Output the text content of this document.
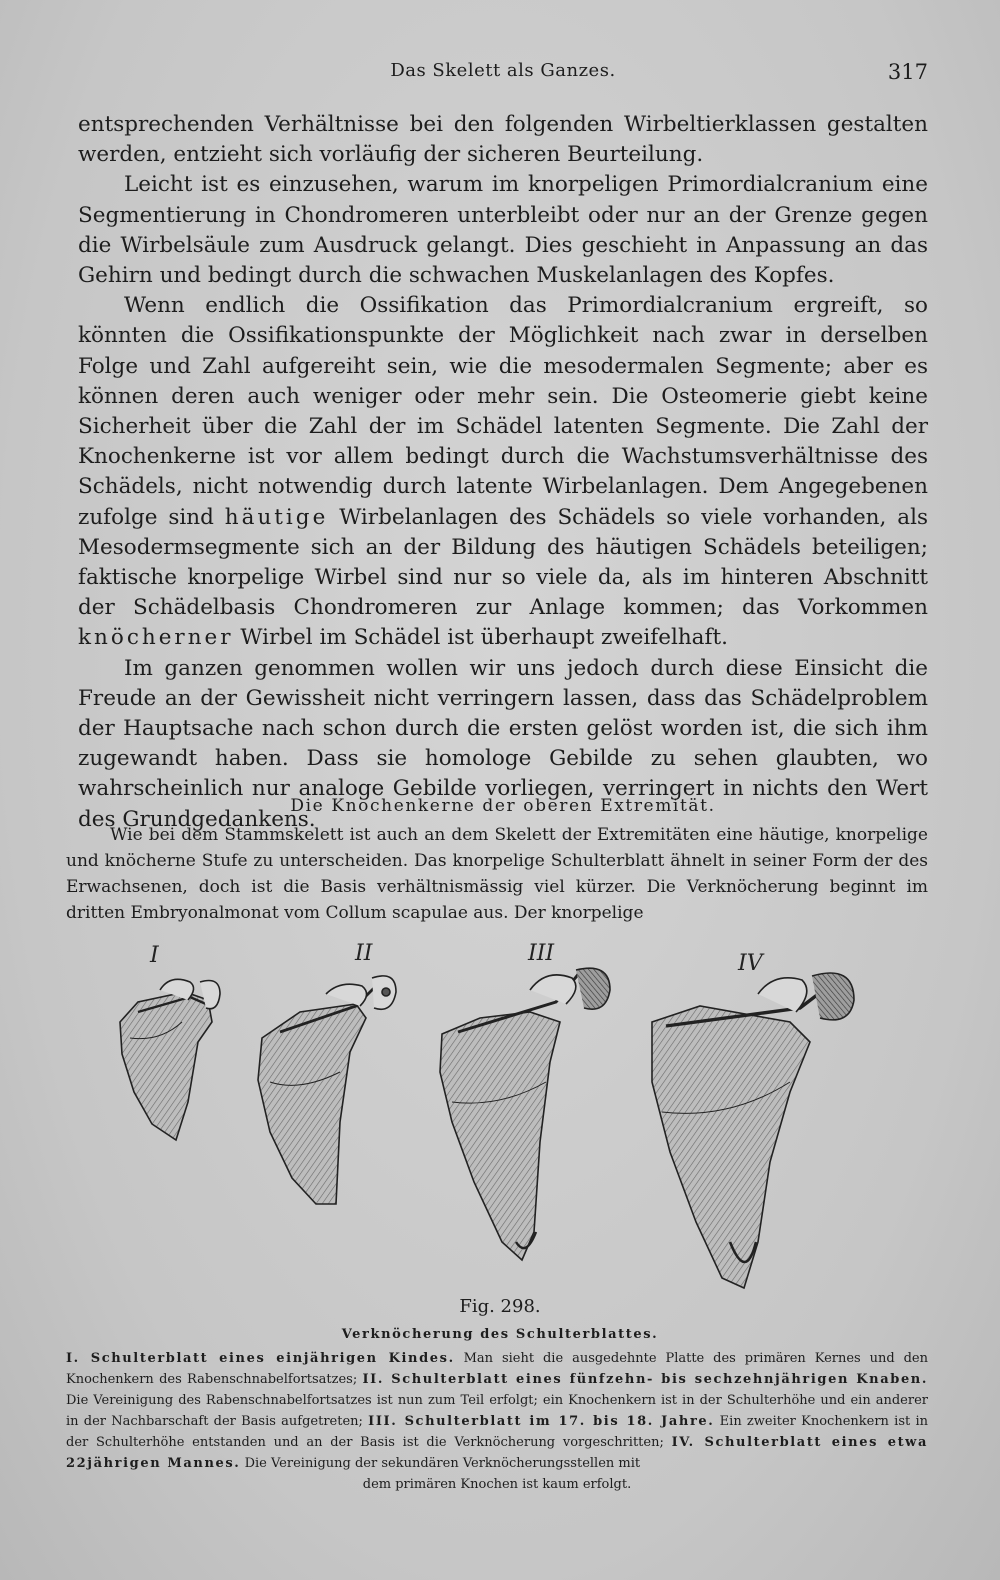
Das Skelett als Ganzes.	317

entsprechenden Verhältnisse bei den folgenden Wirbeltierklassen gestalten werden, entzieht sich vorläufig der sicheren Beurteilung.

Leicht ist es einzusehen, warum im knorpeligen Primordialcranium eine Segmentierung in Chondromeren unterbleibt oder nur an der Grenze gegen die Wirbelsäule zum Ausdruck gelangt. Dies geschieht in Anpassung an das Gehirn und bedingt durch die schwachen Muskelanlagen des Kopfes.

Wenn endlich die Ossifikation das Primordialcranium ergreift, so könnten die Ossifikationspunkte der Möglichkeit nach zwar in derselben Folge und Zahl aufgereiht sein, wie die mesodermalen Segmente; aber es können deren auch weniger oder mehr sein. Die Osteomerie giebt keine Sicherheit über die Zahl der im Schädel latenten Segmente. Die Zahl der Knochenkerne ist vor allem bedingt durch die Wachstumsverhältnisse des Schädels, nicht notwendig durch latente Wirbelanlagen. Dem Angegebenen zufolge sind häutige Wirbelanlagen des Schädels so viele vorhanden, als Mesodermsegmente sich an der Bildung des häutigen Schädels beteiligen; faktische knorpelige Wirbel sind nur so viele da, als im hinteren Abschnitt der Schädelbasis Chondromeren zur Anlage kommen; das Vorkommen knöcherner Wirbel im Schädel ist überhaupt zweifelhaft.

Im ganzen genommen wollen wir uns jedoch durch diese Einsicht die Freude an der Gewissheit nicht verringern lassen, dass das Schädelproblem der Hauptsache nach schon durch die ersten gelöst worden ist, die sich ihm zugewandt haben. Dass sie homologe Gebilde zu sehen glaubten, wo wahrscheinlich nur analoge Gebilde vorliegen, verringert in nichts den Wert des Grundgedankens.

Die Knochenkerne der oberen Extremität.

Wie bei dem Stammskelett ist auch an dem Skelett der Extremitäten eine häutige, knorpelige und knöcherne Stufe zu unterscheiden. Das knorpelige Schulterblatt ähnelt in seiner Form der des Erwachsenen, doch ist die Basis verhältnismässig viel kürzer. Die Verknöcherung beginnt im dritten Embryonalmonat vom Collum scapulae aus. Der knorpelige

I	II	III	IV
Fig. 298.
Verknöcherung des Schulterblattes.

I. Schulterblatt eines einjährigen Kindes. Man sieht die ausgedehnte Platte des primären Kernes und den Knochenkern des Rabenschnabelfortsatzes; II. Schulterblatt eines fünfzehn- bis sechzehnjährigen Knaben. Die Vereinigung des Rabenschnabelfortsatzes ist nun zum Teil erfolgt; ein Knochenkern ist in der Schulterhöhe und ein anderer in der Nachbarschaft der Basis aufgetreten; III. Schulterblatt im 17. bis 18. Jahre. Ein zweiter Knochenkern ist in der Schulterhöhe entstanden und an der Basis ist die Verknöcherung vorgeschritten; IV. Schulterblatt eines etwa 22jährigen Mannes. Die Vereinigung der sekundären Verknöcherungsstellen mit

dem primären Knochen ist kaum erfolgt.
